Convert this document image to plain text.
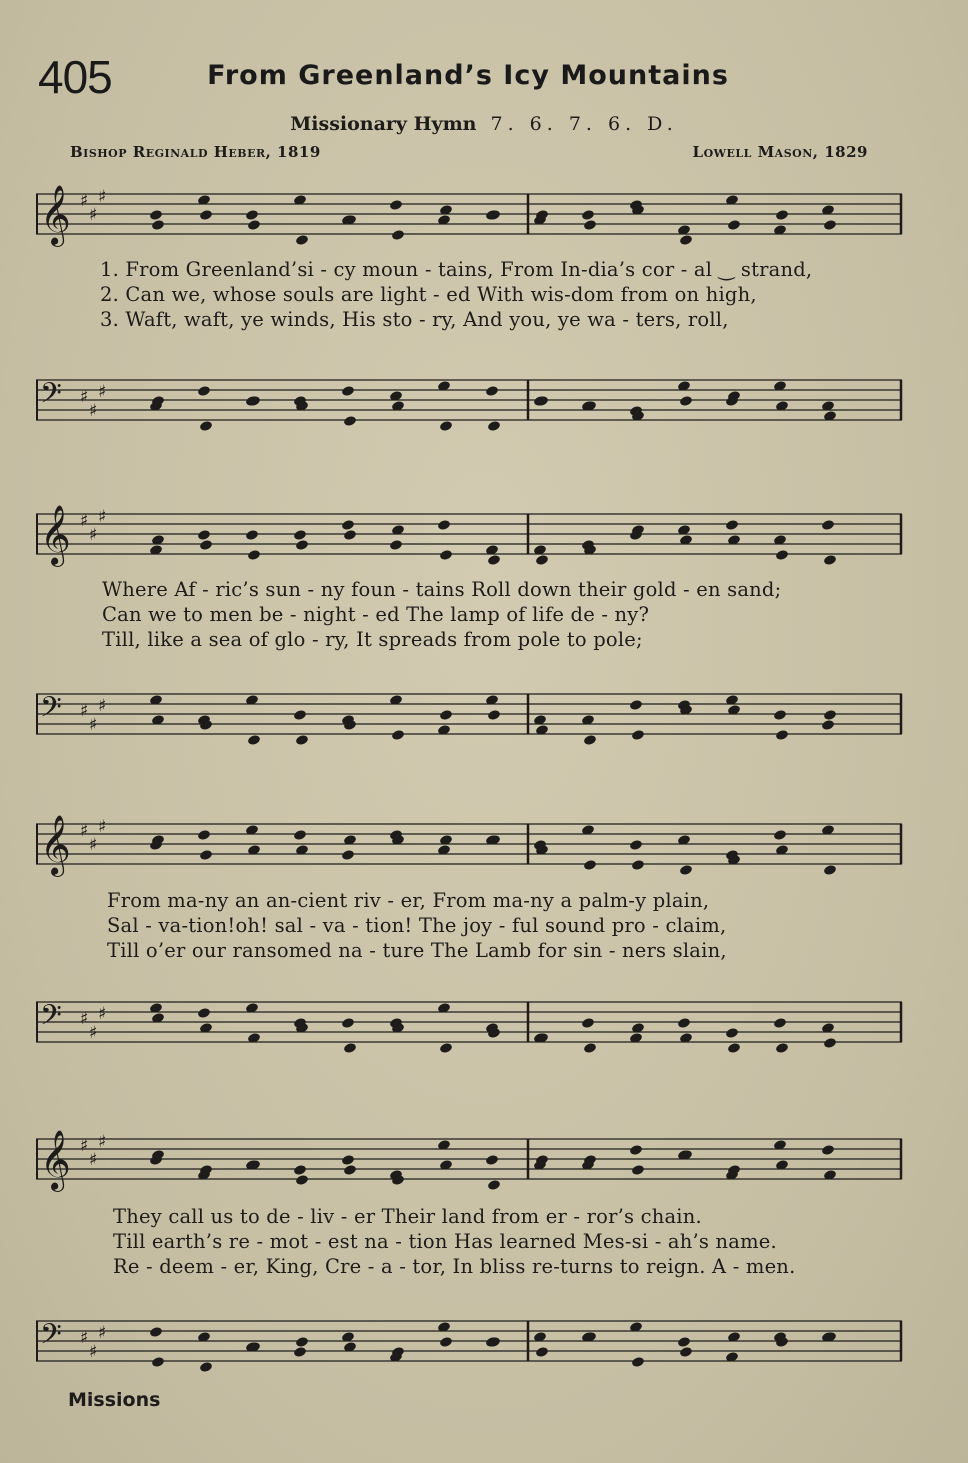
405	From Greenland’s Icy Mountains
Missionary Hymn 7. 6. 7. 6. D.
Bishop Reginald Heber, 1819	Lowell Mason, 1829
𝄞 ♯
♯
♯
𝄢 ♯
♯
♯
1. From Greenland’si - cy moun - tains, From In-dia’s cor - al ‿ strand,
2. Can we, whose souls are light - ed With wis-dom from on high,
3. Waft, waft, ye winds, His sto - ry, And you, ye wa - ters, roll,
𝄞 ♯
♯
♯
𝄢 ♯
♯
♯
Where Af - ric’s sun - ny foun - tains Roll down their gold - en sand;
Can we to men be - night - ed The lamp of life de - ny?
Till, like a sea of glo - ry, It spreads from pole to pole;
𝄞 ♯
♯
♯
𝄢 ♯
♯
♯
From ma-ny an an-cient riv - er, From ma-ny a palm-y plain,
Sal - va-tion!oh! sal - va - tion! The joy - ful sound pro - claim,
Till o’er our ransomed na - ture The Lamb for sin - ners slain,
𝄞 ♯
♯
♯
𝄢 ♯
♯
♯
They call us to de - liv - er Their land from er - ror’s chain.
Till earth’s re - mot - est na - tion Has learned Mes-si - ah’s name.
Re - deem - er, King, Cre - a - tor, In bliss re-turns to reign. A - men.
Missions
